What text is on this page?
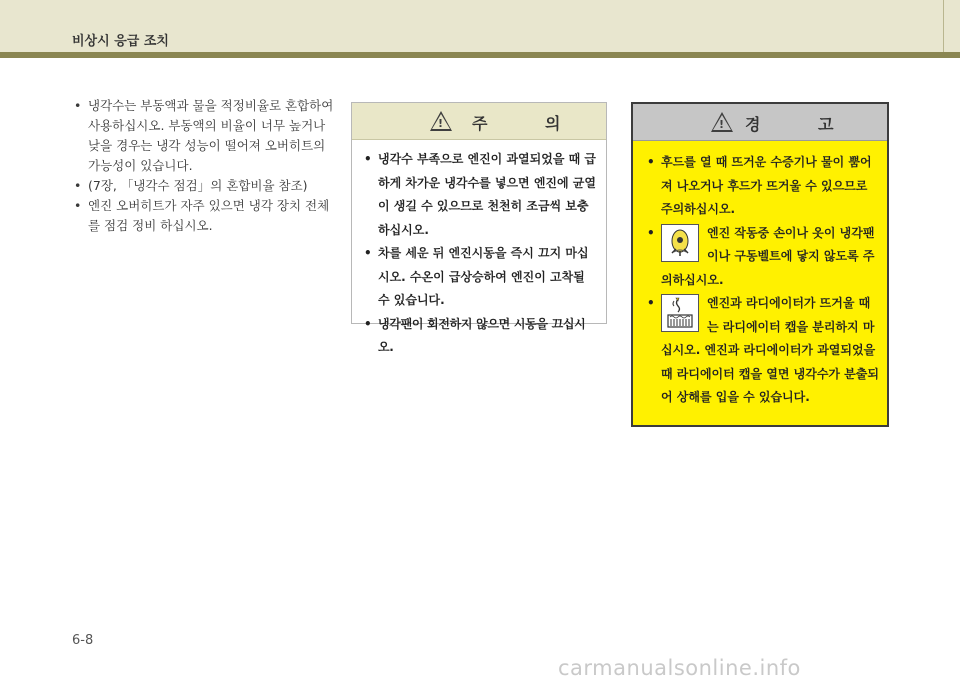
비상시 응급 조치
• 냉각수는 부동액과 물을 적정비율로 혼합하여 사용하십시오. 부동액의 비율이 너무 높거나 낮을 경우는 냉각 성능이 떨어져 오버히트의 가능성이 있습니다.
• (7장, 「냉각수 점검」의 혼합비율 참조)
• 엔진 오버히트가 자주 있으면 냉각 장치 전체를 점검 정비 하십시오.
! 주 의
• 냉각수 부족으로 엔진이 과열되었을 때 급하게 차가운 냉각수를 넣으면 엔진에 균열이 생길 수 있으므로 천천히 조금씩 보충하십시오.
• 차를 세운 뒤 엔진시동을 즉시 끄지 마십시오. 수온이 급상승하여 엔진이 고착될 수 있습니다.
• 냉각팬이 회전하지 않으면 시동을 끄십시오.
! 경 고
• 후드를 열 때 뜨거운 수증기나 물이 뿜어져 나오거나 후드가 뜨거울 수 있으므로 주의하십시오.
• 엔진 작동중 손이나 옷이 냉각팬이나 구동벨트에 닿지 않도록 주의하십시오.
• 엔진과 라디에이터가 뜨거울 때는 라디에이터 캡을 분리하지 마십시오. 엔진과 라디에이터가 과열되었을 때 라디에이터 캡을 열면 냉각수가 분출되어 상해를 입을 수 있습니다.
6-8
carmanualsonline.info
